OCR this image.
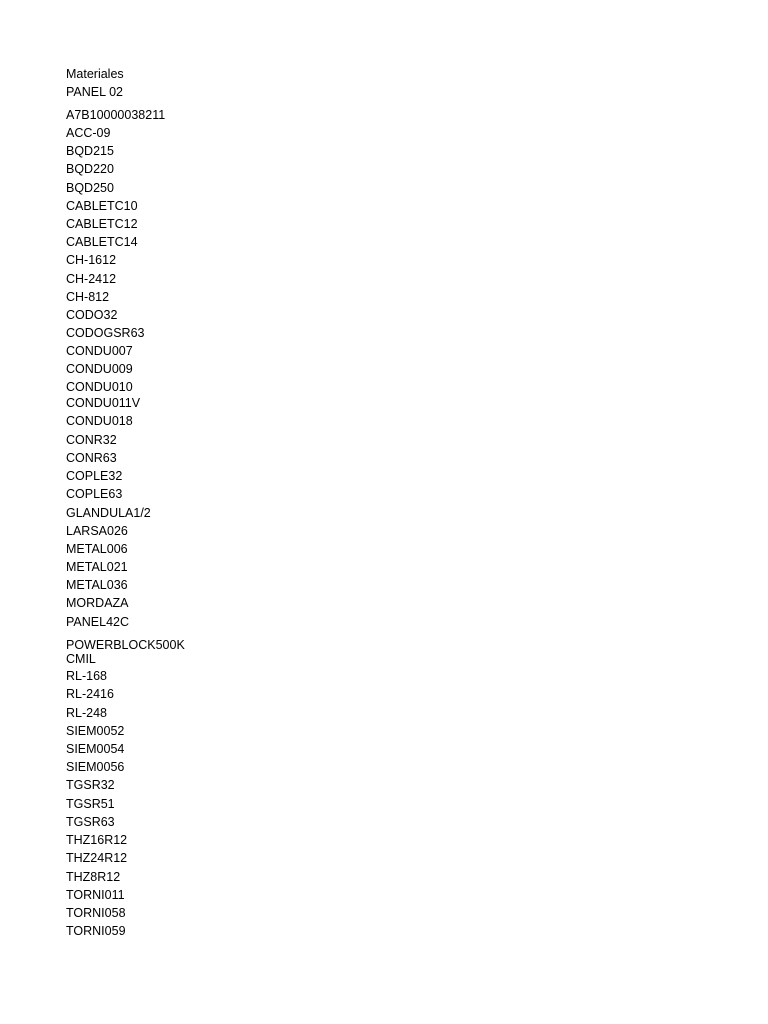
Materiales
PANEL 02
A7B10000038211
ACC-09
BQD215
BQD220
BQD250
CABLETC10
CABLETC12
CABLETC14
CH-1612
CH-2412
CH-812
CODO32
CODOGSR63
CONDU007
CONDU009
CONDU010
CONDU011V
CONDU018
CONR32
CONR63
COPLE32
COPLE63
GLANDULA1/2
LARSA026
METAL006
METAL021
METAL036
MORDAZA
PANEL42C
POWERBLOCK500K CMIL
RL-168
RL-2416
RL-248
SIEM0052
SIEM0054
SIEM0056
TGSR32
TGSR51
TGSR63
THZ16R12
THZ24R12
THZ8R12
TORNI011
TORNI058
TORNI059
